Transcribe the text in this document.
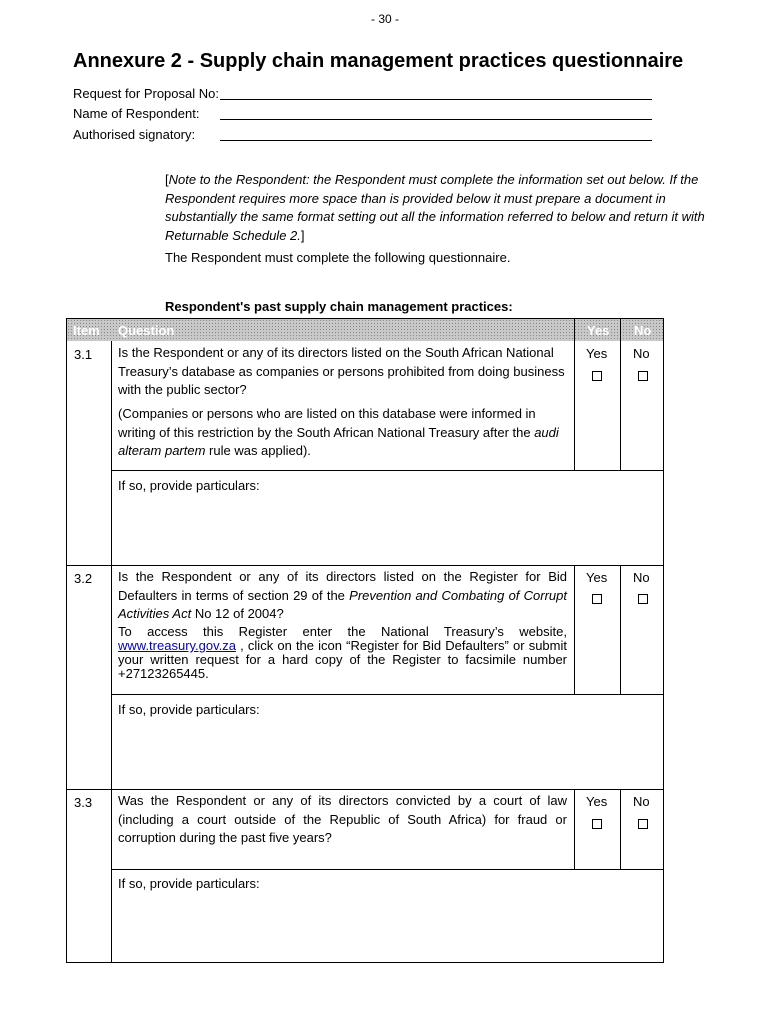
- 30 -
Annexure 2 - Supply chain management practices questionnaire
Request for Proposal No:
Name of Respondent:
Authorised signatory:
[Note to the Respondent: the Respondent must complete the information set out below. If the Respondent requires more space than is provided below it must prepare a document in substantially the same format setting out all the information referred to below and return it with Returnable Schedule 2.]
The Respondent must complete the following questionnaire.
Respondent's past supply chain management practices:
Item Question	Yes No
3.1 Is the Respondent or any of its directors listed on the South African National Treasury’s database as companies or persons prohibited from doing business with the public sector?
(Companies or persons who are listed on this database were informed in writing of this restriction by the South African National Treasury after the audi alteram partem rule was applied).
Yes No
If so, provide particulars:
3.2 Is the Respondent or any of its directors listed on the Register for Bid Defaulters in terms of section 29 of the Prevention and Combating of Corrupt Activities Act No 12 of 2004?
To access this Register enter the National Treasury’s website, www.treasury.gov.za , click on the icon “Register for Bid Defaulters” or submit your written request for a hard copy of the Register to facsimile number +27123265445.
Yes No
If so, provide particulars:
3.3 Was the Respondent or any of its directors convicted by a court of law (including a court outside of the Republic of South Africa) for fraud or corruption during the past five years?
Yes No
If so, provide particulars:
